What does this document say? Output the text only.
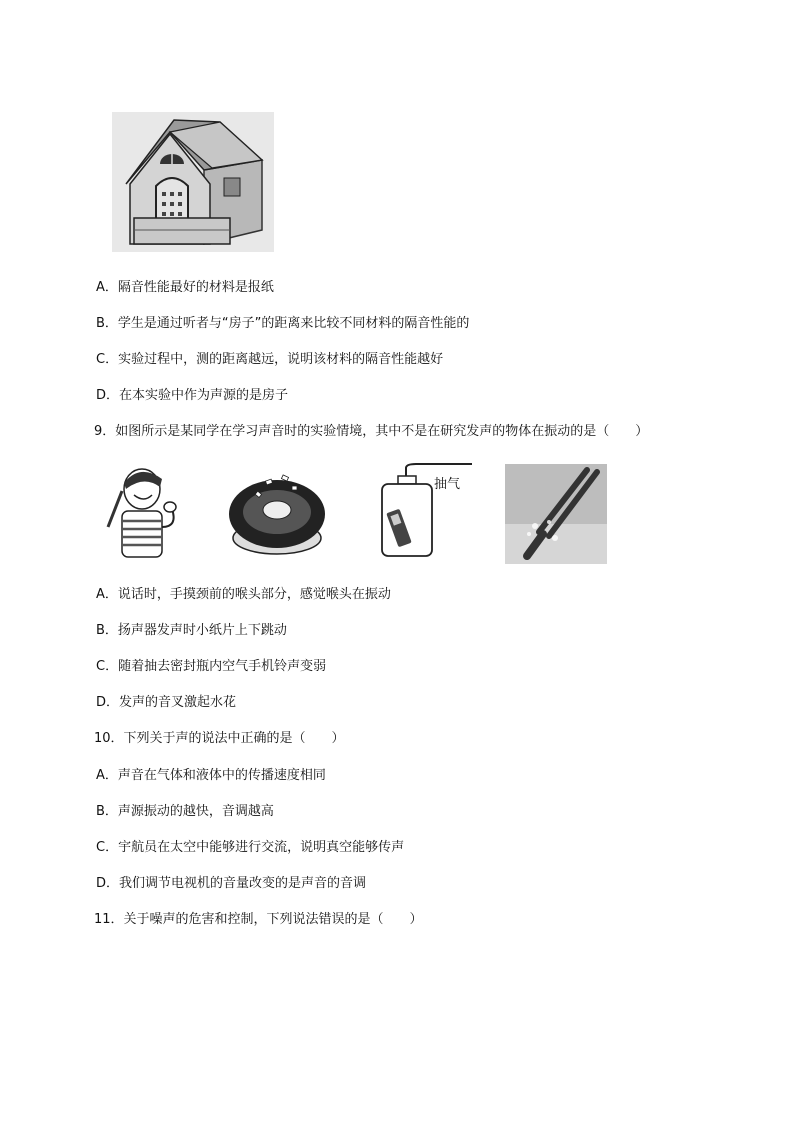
A．隔音性能最好的材料是报纸
B．学生是通过听者与“房子”的距离来比较不同材料的隔音性能的
C．实验过程中，测的距离越远，说明该材料的隔音性能越好
D．在本实验中作为声源的是房子
9．如图所示是某同学在学习声音时的实验情境，其中不是在研究发声的物体在振动的是（　　）
抽气
A．说话时，手摸颈前的喉头部分，感觉喉头在振动
B．扬声器发声时小纸片上下跳动
C．随着抽去密封瓶内空气手机铃声变弱
D．发声的音叉激起水花
10．下列关于声的说法中正确的是（　　）
A．声音在气体和液体中的传播速度相同
B．声源振动的越快，音调越高
C．宇航员在太空中能够进行交流，说明真空能够传声
D．我们调节电视机的音量改变的是声音的音调
11．关于噪声的危害和控制，下列说法错误的是（　　）
